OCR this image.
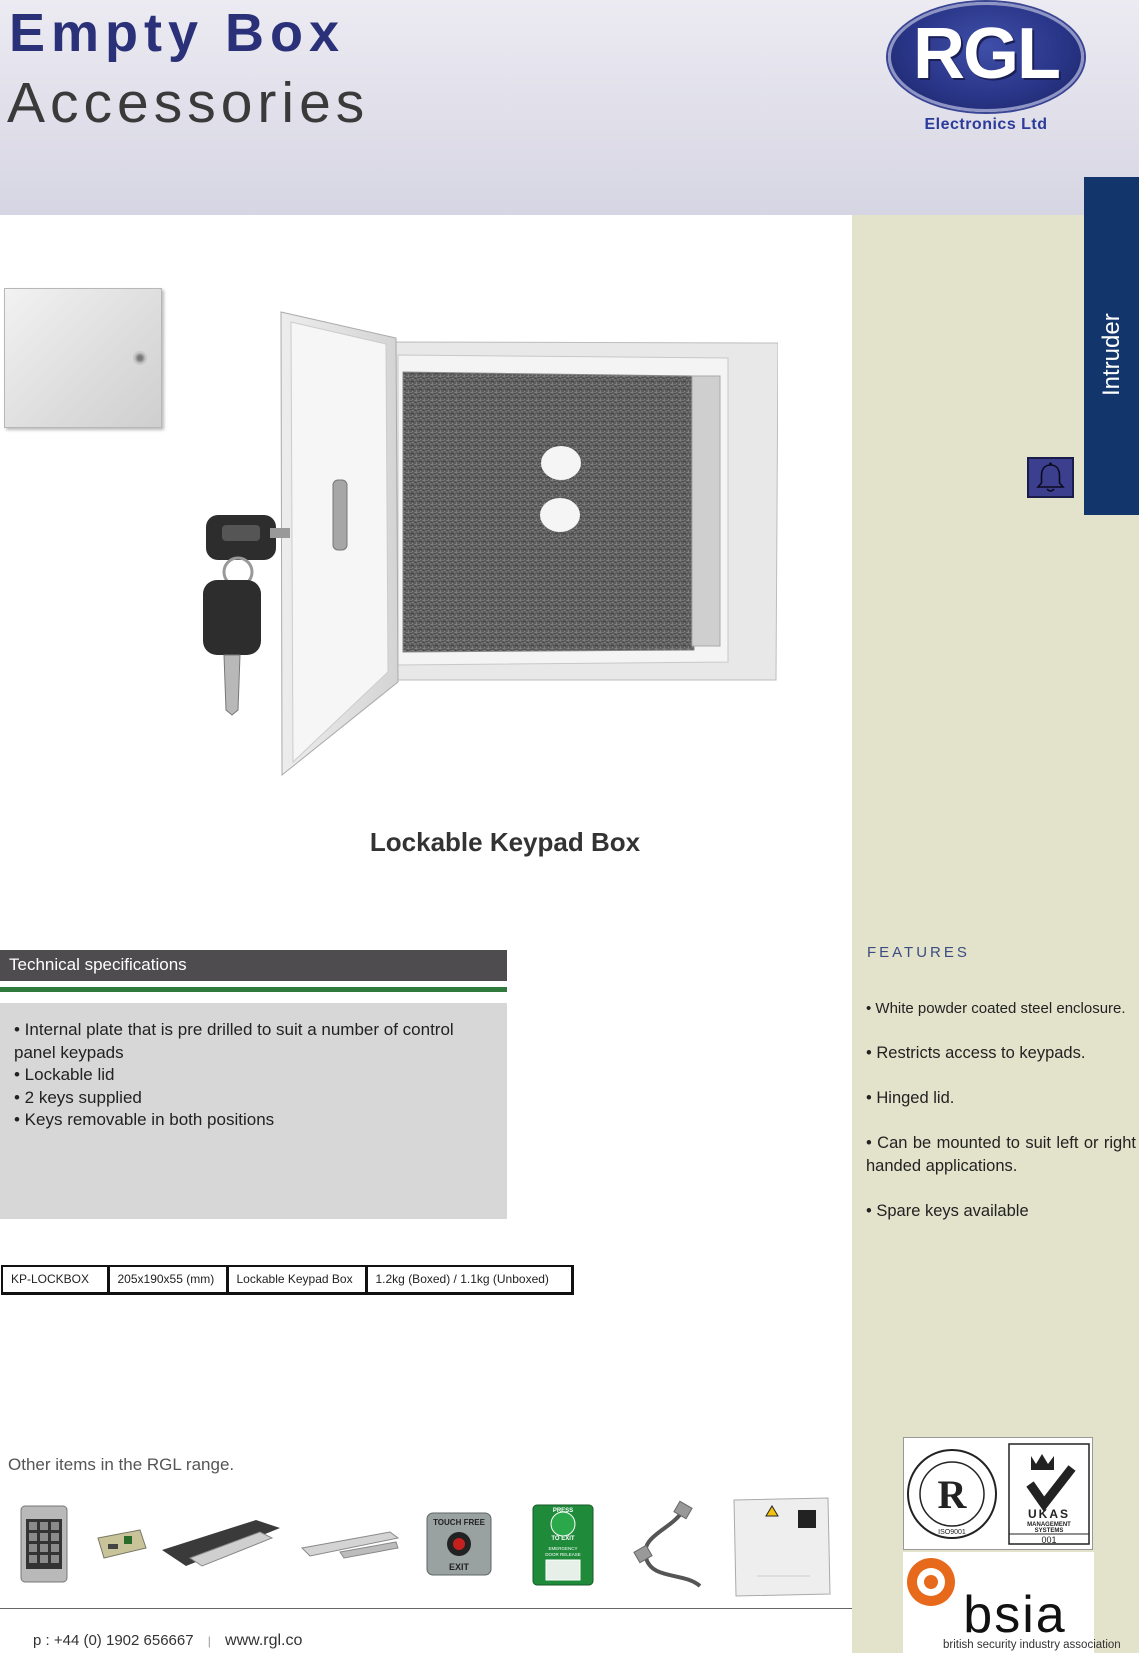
Empty Box
Accessories
RGL
Electronics Ltd
Intruder
FEATURES
• White powder coated steel enclosure.
• Restricts access to keypads.
• Hinged lid.
• Can be mounted to suit left or right handed applications.
• Spare keys available
Lockable Keypad Box
Technical specifications
• Internal plate that is pre drilled to suit a number of control panel keypads
• Lockable lid
• 2 keys supplied
• Keys removable in both positions
KP-LOCKBOX	205x190x55 (mm)	Lockable Keypad Box	1.2kg (Boxed) / 1.1kg (Unboxed)
Other items in the RGL range.
TOUCH FREE
EXIT
PRESS
TO EXIT
EMERGENCY
DOOR RELEASE
p : +44 (0) 1902 656667 | www.rgl.co
R
ISO9001
UKAS
MANAGEMENT
SYSTEMS
001
bsia
british security industry association
